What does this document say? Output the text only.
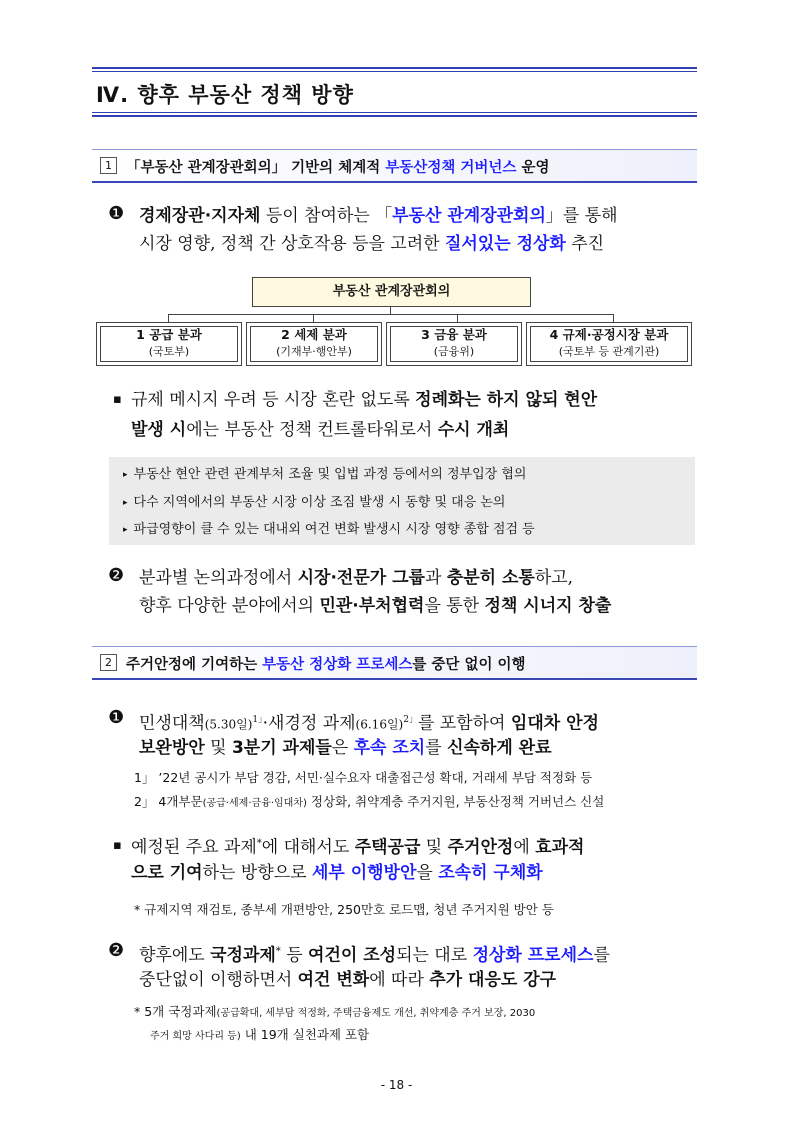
Ⅳ. 향후 부동산 정책 방향
1 「부동산 관계장관회의」 기반의 체계적 부동산정책 거버넌스 운영
❶ 경제장관·지자체 등이 참여하는 「부동산 관계장관회의」를 통해
시장 영향, 정책 간 상호작용 등을 고려한 질서있는 정상화 추진
부동산 관계장관회의
1 공급 분과
(국토부)
2 세제 분과
(기재부·행안부)
3 금융 분과
(금융위)
4 규제·공정시장 분과
(국토부 등 관계기관)
▪ 규제 메시지 우려 등 시장 혼란 없도록 정례화는 하지 않되 현안
발생 시에는 부동산 정책 컨트롤타워로서 수시 개최
▸ 부동산 현안 관련 관계부처 조율 및 입법 과정 등에서의 정부입장 협의
▸ 다수 지역에서의 부동산 시장 이상 조짐 발생 시 동향 및 대응 논의
▸ 파급영향이 클 수 있는 대내외 여건 변화 발생시 시장 영향 종합 점검 등
❷ 분과별 논의과정에서 시장·전문가 그룹과 충분히 소통하고,
향후 다양한 분야에서의 민관·부처협력을 통한 정책 시너지 창출
2 주거안정에 기여하는 부동산 정상화 프로세스를 중단 없이 이행
❶ 민생대책(5.30일)$^{1」}$·새경정 과제(6.16일)$^{2」}$를 포함하여 임대차 안정
보완방안 및 3분기 과제들은 후속 조치를 신속하게 완료
1」 ’22년 공시가 부담 경감, 서민·실수요자 대출접근성 확대, 거래세 부담 적정화 등
2」 4개부문(공급·세제·금융·임대차) 정상화, 취약계층 주거지원, 부동산정책 거버넌스 신설
▪ 예정된 주요 과제*에 대해서도 주택공급 및 주거안정에 효과적
으로 기여하는 방향으로 세부 이행방안을 조속히 구체화
* 규제지역 재검토, 종부세 개편방안, 250만호 로드맵, 청년 주거지원 방안 등
❷ 향후에도 국정과제* 등 여건이 조성되는 대로 정상화 프로세스를
중단없이 이행하면서 여건 변화에 따라 추가 대응도 강구
* 5개 국정과제(공급확대, 세부담 적정화, 주택금융제도 개선, 취약계층 주거 보장, 2030
주거 희망 사다리 등) 내 19개 실천과제 포함
- 18 -
